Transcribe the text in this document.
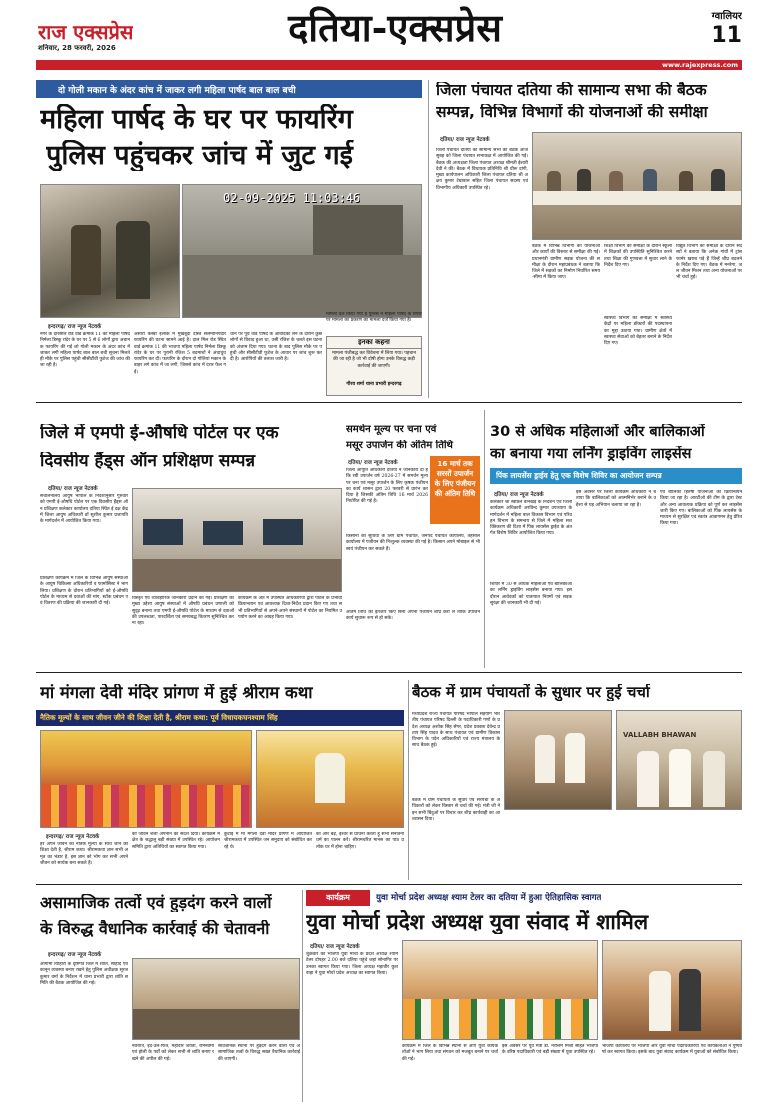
राज एक्सप्रेस
शनिवार, 28 फरवरी, 2026	दतिया-एक्सप्रेस	ग्वालियर
11
www.rajexpress.com
दो गोली मकान के अंदर कांच में जाकर लगी महिला पार्षद बाल बाल बची
महिला पार्षद के घर पर फायरिंग
पुलिस पहुंचकर जांच में जुट गई
02-09-2025 11:03:46
इन्दरगढ़/ राज न्यूज नेटवर्क
नगर के दारसौल रोड वार्ड क्रमांक 11 की महिला पार्षद निर्मला डिस्कू रांदेर के घर पर 5 से 6 लोगों द्वारा अचानक फायरिंग की गई जो गोली मकान के अंदर कांच में जाकर लगी महिला पार्षद बाल बाल बची सूचना मिलते ही मौके पर पुलिस पहुंची सीसीटीवी फुटेज की जांच की जा रही है।
अंसारी कस्बा इलाके में मुखबूदा दोस्त सलमानियेदार फायरिंग की घटना सामने आई है। दाल मिल रोड स्थित वार्ड क्रमांक 11 की भाजपा महिला पार्षद निर्मला डिस्कू रांदेर के घर पर पुरानी रंजिश 5 बदमाशों ने अंधाधुंध फायरिंग कर दी। फायरिंग के दौरान दो गोलियां मकान के बाहर लगे कांच में जा लगी, जिससे कांच में दरार फैल गई।
थाने पर पूर्व वार्ड पार्षद के आवेदिका लेने के दौरान कुछ लोगों से विवाद हुआ था, उसी रंजिश के चलते इस घटना को अंजाम दिया गया। घटना के बाद पुलिस मौके पर पहुंची और सीसीटीवी फुटेज के आधार पर जांच शुरू कर दी है। आरोपियों की तलाश जारी है।
मामला दर्ज किया गया है पुलिस ने महिला पार्षद के रिपोर्ट पर मामला का प्रकरण का मामला दर्ज किया गया है।
इनका कहना
मामला पंजीबद्ध कर विवेचना में लिया गया। पहचान की जा रही है जो भी दोषी होगा उनके विरुद्ध कड़ी कार्रवाई की जाएगी।
गौरव शर्मा थाना प्रभारी इन्दरगढ़
जिला पंचायत दतिया की सामान्य सभा की बैठक
सम्पन्न, विभिन्न विभागों की योजनाओं की समीक्षा
दतिया/ राज न्यूज नेटवर्क
जिला पंचायत दतिया की सामान्य सभा की बैठक आज सुबह को जिला पंचायत सभाकक्ष में आयोजित की गई। बैठक की अध्यक्षता जिला पंचायत अध्यक्ष श्रीमती ईश्वरी देवी ने की। बैठक में विधायक प्रतिनिधि श्री धीरू दांगी, मुख्य कार्यपालन अधिकारी जिला पंचायत दतिया श्री अक्षय कुमार टेम्रावाल सहित जिला पंचायत सदस्य एवं विभागीय अधिकारी उपस्थित रहे।
बैठक में विभिन्न विभागों की योजनाओं और कार्यों की विस्तार से समीक्षा की गई। प्रधानमंत्री ग्रामीण सड़क योजना की समीक्षा के दौरान महाप्रबंधक ने बताया कि जिले में सड़कों का निर्माण निर्धारित समय-सीमा में किया जाए।
शिक्षा विभाग की समीक्षा के दौरान स्कूलों में शिक्षकों की उपस्थिति सुनिश्चित करने तथा शिक्षा की गुणवत्ता में सुधार लाने के निर्देश दिए गए।
स्वास्थ्य विभाग की समीक्षा में स्वास्थ्य केंद्रों पर महिला डॉक्टरों की पदस्थापना का मुद्दा उठाया गया। ग्रामीण क्षेत्रों में स्वास्थ्य सेवाओं को बेहतर बनाने के निर्देश दिए गए।
विद्युत विभाग की समीक्षा के दौरान सदस्यों ने बताया कि अनेक गांवों में ट्रांसफार्मर खराब पड़े हैं जिन्हें शीघ्र बदलने के निर्देश दिए गए। बैठक में मनरेगा, जल जीवन मिशन तथा अन्य योजनाओं पर भी चर्चा हुई।
जिले में एमपी ई-औषधि पोर्टल पर एक
दिवसीय हैंड्स ऑन प्रशिक्षण सम्पन्न
दतिया/ राज न्यूज नेटवर्क
संचालनालय आयुष भोपाल के निर्देशानुसार गुरुवार को एमपी ई-औषधि पोर्टल पर एक दिवसीय हैंड्स ऑन प्रशिक्षण कलेक्टर कार्यालय दतिया स्थित ई दक्ष केंद्र में जिला आयुष अधिकारी डॉ सुशील कुमार प्रजापति के मार्गदर्शन में आयोजित किया गया।
प्रशिक्षण कार्यक्रम में जिले के विभिन्न आयुष संस्थाओं के आयुष चिकित्सा अधिकारियों व फार्मासिस्ट ने भाग लिया। प्रशिक्षण के दौरान प्रतिभागियों को ई-औषधि पोर्टल के माध्यम से दवाओं की मांग, स्टॉक प्रबंधन एवं वितरण की प्रक्रिया की जानकारी दी गई।
विस्तृत एवं व्यावहारिक जानकारी प्रदान की गई। प्रशिक्षण का मुख्य उद्देश्य आयुष संस्थाओं में औषधि प्रबंधन प्रणाली को सुदृढ़ बनाना तथा एमपी ई-औषधि पोर्टल के माध्यम से दवाओं की उपलब्धता, पारदर्शिता एवं समयबद्ध वितरण सुनिश्चित करना रहा।
कार्यक्रम के अंत में उपस्थित अधिकारियों द्वारा पोर्टल के प्रभावी क्रियान्वयन एवं आवश्यक दिशा-निर्देश प्रदान किए गए तथा सभी प्रतिभागियों से अपने-अपने संस्थानों में पोर्टल का नियमित उपयोग करने का आग्रह किया गया।
समर्थन मूल्य पर चना एवं
मसूर उपार्जन की अंतिम तिथि
दतिया/ राज न्यूज नेटवर्क
जिला आपूर्ति अधिकारी दतिया ने जानकारी दी है कि रबी उपार्जन वर्ष 2026-27 में समर्थन मूल्य पर चना एवं मसूर उपार्जन के लिए कृषक पंजीयन का कार्य शासन द्वारा 20 फरवरी से प्रारंभ कर दिया है जिसकी अंतिम तिथि 16 मार्च 2026 निर्धारित की गई है।
16 मार्च तक सरसों उपार्जन के लिए पंजीयन की अंतिम तिथि
किसानों की सुविधा के लिए ग्राम पंचायत, जनपद पंचायत कार्यालय, तहसील कार्यालय में पंजीयन की निःशुल्क व्यवस्था की गई है। किसान अपने मोबाइल से भी स्वयं पंजीयन कर सकते हैं।
अंतिम तिथि का इंतजार किए बिना अपना पंजीयन शीघ्र करा लें ताकि उपार्जन कार्य सुचारू रूप से हो सके।
30 से अधिक महिलाओं और बालिकाओं
का बनाया गया लर्निंग ड्राइविंग लाइसेंस
पिंक लायसेंस ड्राईव हेतु एक विशेष शिविर का आयोजन सम्पन्न
दतिया/ राज न्यूज नेटवर्क
कलेक्टर श्री स्वप्निल वानखड़े के निर्देशन एवं जिला कार्यक्रम अधिकारी अरविन्द कुमार उपाध्याय के मार्गदर्शन में महिला बाल विकास विभाग एवं परिवहन विभाग के समन्वय से जिले में महिला सशक्तिकरण की दिशा में पिंक लायसेंस ड्राईव के अंतर्गत विशेष शिविर आयोजित किया गया।
शिविर में 30 से अधिक महिलाओं एवं बालिकाओं का लर्निंग ड्राइविंग लाइसेंस बनाया गया। इस दौरान आवेदकों को यातायात नियमों एवं सड़क सुरक्षा की जानकारी भी दी गई।
इस अवसर पर जिला कार्यक्रम अधिकारी ने बताया कि बालिकाओं को आत्मनिर्भर बनाने के उद्देश्य से यह अभियान चलाया जा रहा है।
एवं बालिका हितैषी योजनाओं का क्रियान्वयन किया जा रहा है। आरटीओ की टीम के द्वारा टेस्ट और अन्य आवश्यक प्रक्रिया को पूर्ण कर लाइसेंस जारी किए गए। बालिकाओं को पिंक लायसेंस के माध्यम से सुरक्षित एवं स्वतंत्र आवागमन हेतु प्रेरित किया गया।
मां मंगला देवी मंदिर प्रांगण में हुई श्रीराम कथा
नैतिक मूल्यों के साथ जीवन जीने की शिक्षा देती है, श्रीराम कथा: पूर्व विधायकघनश्याम सिंह
इन्दरगढ़/ राज न्यूज नेटवर्क
हर अपने जीवन को नैतिक मूल्यों के साथ जीने की शिक्षा देती है, श्रीराम कथा। श्रीरामकथा ज्ञान सभी अमृत का भंडार है, इस ज्ञान को भोग कर सभी अपने जीवन को सार्थक बना सकते हैं।
की जीवन शैली अपनाने का संदेश दिया। कार्यक्रम में क्षेत्र के श्रद्धालु बड़ी संख्या में उपस्थित रहे। आयोजन समिति द्वारा अतिथियों का स्वागत किया गया।
कुटाई में मां मंगला देवी मंदिर प्रांगण में आयोजित श्रीरामकथा में उपस्थित जन समुदाय को संबोधित कर रहे थे।
की ओर बढ़ें, ईश्वर से प्रार्थना करता हूं सभी सनातनी धर्म का पालन करें। श्रीरामचरित मानस का पाठ प्रत्येक घर में होना चाहिए।
बैठक में ग्राम पंचायतों के सुधार पर हुई चर्चा
मध्यप्रदेश राज्य पंचायत परिषद भोपाल सहयोग भारतीय पंचायत परिषद दिल्ली के पदाधिकारी गणों के प्रदेश अध्यक्ष अशोक सिंह सेंगर, प्रदेश प्रवक्ता देवेन्द्र प्रताप सिंह यादव के साथ पंचायत एवं ग्रामीण विकास विभाग के पदेन अधिकारियों एवं राज्य मंत्रालय के साथ बैठक हुई।
बैठक में ग्राम पंचायतों के सुधार एवं सरपंचों के अधिकारों को लेकर विस्तार से चर्चा की गई। मंत्री जी ने इन सभी बिंदुओं पर विचार कर शीघ्र कार्यवाही का आश्वासन दिया।
VALLABH BHAWAN
असामाजिक तत्वों एवं हुड़दंग करने वालों
के विरुद्ध वैधानिक कार्रवाई की चेतावनी
इन्दरगढ़/ राज न्यूज नेटवर्क
आगामी त्यौहारों के दृष्टिगत जिले में शांति, सौहार्द एवं कानून व्यवस्था बनाए रखने हेतु पुलिस अधीक्षक सूरज कुमार वर्मा के निर्देशन में थाना प्रभारी द्वारा शांति समिति की बैठक आयोजित की गई।
नवरात्रि, ईद-उल-फित्र, महावीर जयंती, रामनवमी एवं होली के पर्वों को लेकर सभी से शांति बनाए रखने की अपील की गई।
सार्वजनिक स्थानों पर हुड़दंग करने वालों एवं असामाजिक तत्वों के विरुद्ध सख्त वैधानिक कार्रवाई की जाएगी।
कार्यक्रम	युवा मोर्चा प्रदेश अध्यक्ष श्याम टेलर का दतिया में हुआ ऐतिहासिक स्वागत
युवा मोर्चा प्रदेश अध्यक्ष युवा संवाद में शामिल
दतिया/ राज न्यूज नेटवर्क
शुक्रवार को भाजपा युवा मोर्चा के प्रदेश अध्यक्ष श्याम टेलर दोपहर 2.00 बजे दतिया पहुंचे जहां सोनागिर पर उनका स्वागत किया गया। जिला अध्यक्ष महावीर कुशवाहा ने युवा मोर्चा प्रदेश अध्यक्ष का स्वागत किया।
कार्यक्रम में जिले के विभिन्न स्थानों से आए युवा कार्यकर्ताओं ने भाग लिया तथा संगठन को मजबूत बनाने पर चर्चा की गई।
इस अवसर पर पूर्व मंत्री डॉ. नरोत्तम मिश्रा सहित भाजपा के वरिष्ठ पदाधिकारी एवं बड़ी संख्या में युवा उपस्थित रहे।
भाजपा कार्यालय पर भाजपा और युवा मोर्चा पदाधिकारियों एवं कार्यकर्ताओं ने पुष्पवर्षा कर स्वागत किया। इसके बाद युवा संवाद कार्यक्रम में युवाओं को संबोधित किया।
